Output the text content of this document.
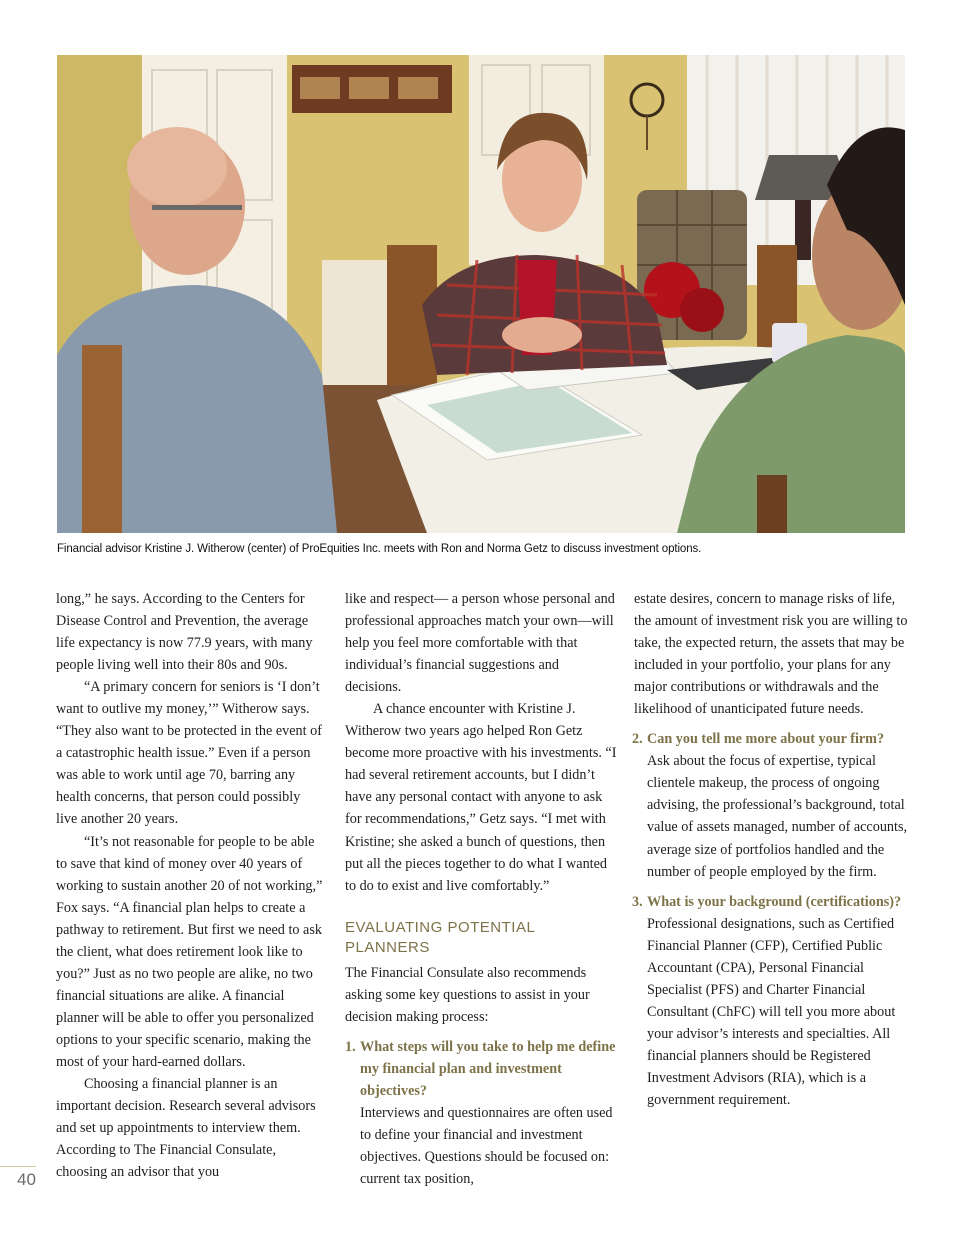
Financial advisor Kristine J. Witherow (center) of ProEquities Inc. meets with Ron and Norma Getz to discuss investment options.

long,” he says. According to the Centers for Disease Control and Prevention, the average life expectancy is now 77.9 years, with many people living well into their 80s and 90s.

“A primary concern for seniors is ‘I don’t want to outlive my money,’” Witherow says. “They also want to be protected in the event of a catastrophic health issue.” Even if a person was able to work until age 70, barring any health concerns, that person could possibly live another 20 years.

“It’s not reasonable for people to be able to save that kind of money over 40 years of working to sustain another 20 of not working,” Fox says. “A financial plan helps to create a pathway to retirement. But first we need to ask the client, what does retirement look like to you?” Just as no two people are alike, no two financial situations are alike. A financial planner will be able to offer you personalized options to your specific scenario, making the most of your hard-earned dollars.

Choosing a financial planner is an important decision. Research several advisors and set up appointments to interview them. According to The Financial Consulate, choosing an advisor that you

like and respect— a person whose personal and professional approaches match your own—will help you feel more comfortable with that individual’s financial suggestions and decisions.

A chance encounter with Kristine J. Witherow two years ago helped Ron Getz become more proactive with his investments. “I had several retirement accounts, but I didn’t have any personal contact with anyone to ask for recommendations,” Getz says. “I met with Kristine; she asked a bunch of questions, then put all the pieces together to do what I wanted to do to exist and live comfortably.”

EVALUATING POTENTIAL PLANNERS

The Financial Consulate also recommends asking some key questions to assist in your decision making process:

1. What steps will you take to help me define my financial plan and investment objectives?
Interviews and questionnaires are often used to define your financial and investment objectives. Questions should be focused on: current tax position,

estate desires, concern to manage risks of life, the amount of investment risk you are willing to take, the expected return, the assets that may be included in your portfolio, your plans for any major contributions or withdrawals and the likelihood of unanticipated future needs.

2. Can you tell me more about your firm?
Ask about the focus of expertise, typical clientele makeup, the process of ongoing advising, the professional’s background, total value of assets managed, number of accounts, average size of portfolios handled and the number of people employed by the firm.
3. What is your background (certifications)?
Professional designations, such as Certified Financial Planner (CFP), Certified Public Accountant (CPA), Personal Financial Specialist (PFS) and Charter Financial Consultant (ChFC) will tell you more about your advisor’s interests and specialties. All financial planners should be Registered Investment Advisors (RIA), which is a government requirement.
40
